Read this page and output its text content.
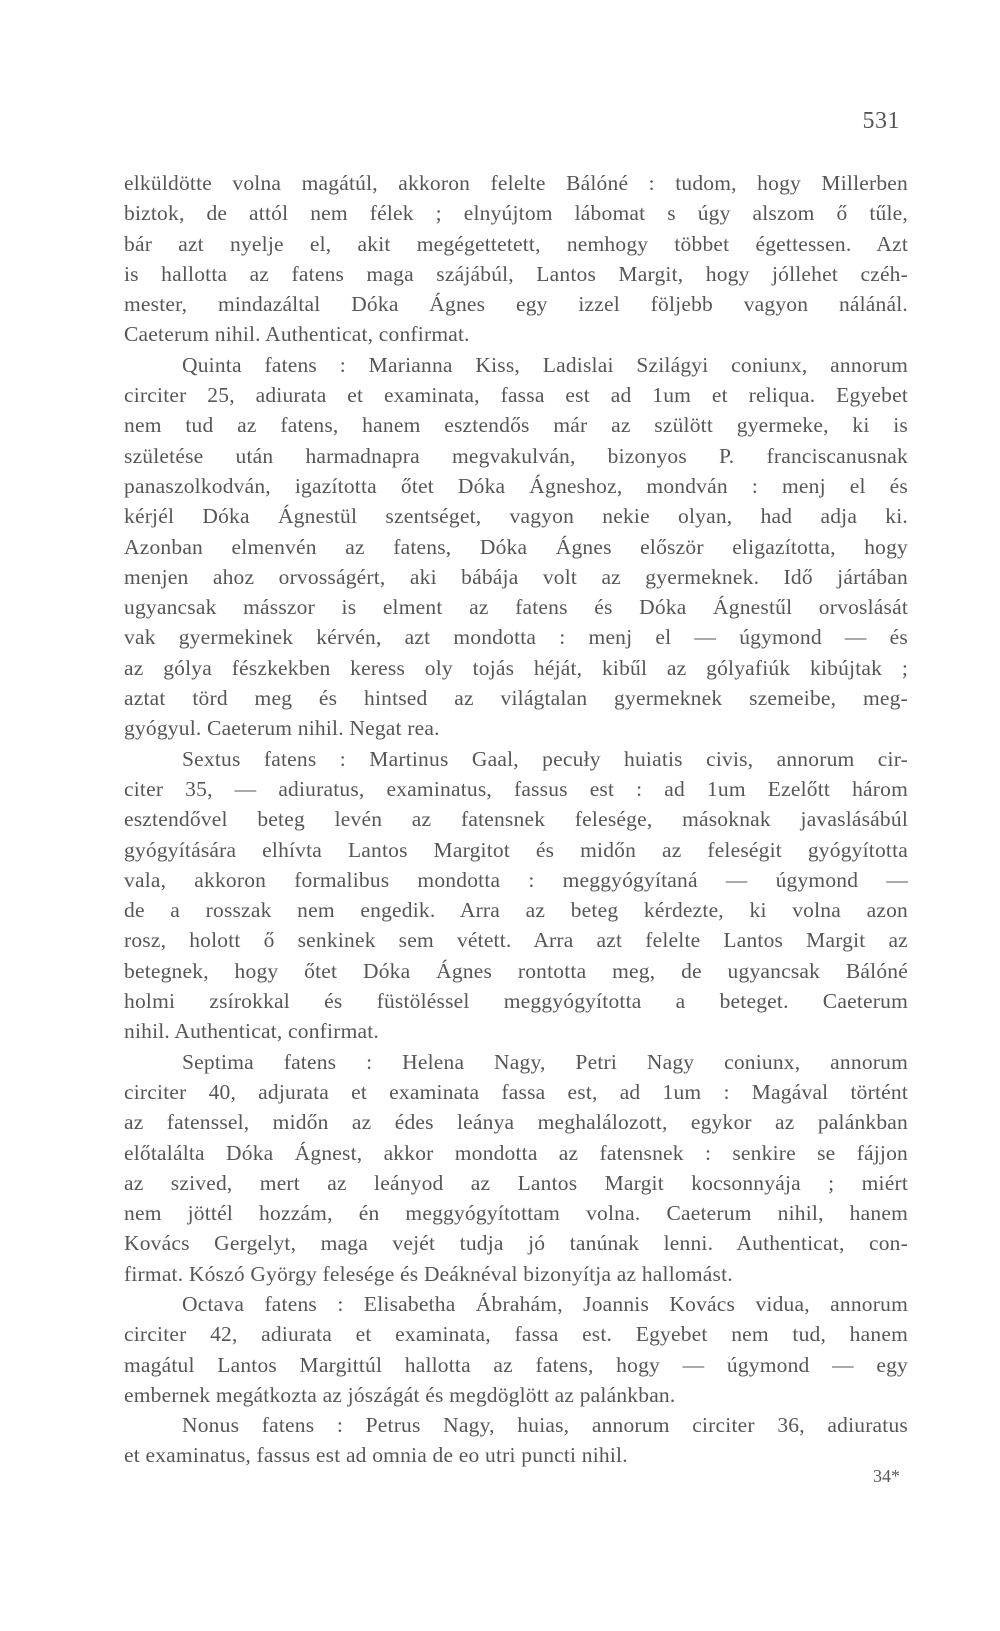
531
elküldötte volna magátúl, akkoron felelte Bálóné : tudom, hogy Millerben
biztok, de attól nem félek ; elnyújtom lábomat s úgy alszom ő tűle,
bár azt nyelje el, akit megégettetett, nemhogy többet égettessen. Azt
is hallotta az fatens maga szájábúl, Lantos Margit, hogy jóllehet czéh-
mester, mindazáltal Dóka Ágnes egy izzel följebb vagyon nálánál.
Caeterum nihil. Authenticat, confirmat.
Quinta fatens : Marianna Kiss, Ladislai Szilágyi coniunx, annorum
circiter 25, adiurata et examinata, fassa est ad 1um et reliqua. Egyebet
nem tud az fatens, hanem esztendős már az szülött gyermeke, ki is
születése után harmadnapra megvakulván, bizonyos P. franciscanusnak
panaszolkodván, igazította őtet Dóka Ágneshoz, mondván : menj el és
kérjél Dóka Ágnestül szentséget, vagyon nekie olyan, had adja ki.
Azonban elmenvén az fatens, Dóka Ágnes először eligazította, hogy
menjen ahoz orvosságért, aki bábája volt az gyermeknek. Idő jártában
ugyancsak másszor is elment az fatens és Dóka Ágnestűl orvoslását
vak gyermekinek kérvén, azt mondotta : menj el — úgymond — és
az gólya fészkekben keress oly tojás héját, kibűl az gólyafiúk kibújtak ;
aztat törd meg és hintsed az világtalan gyermeknek szemeibe, meg-
gyógyul. Caeterum nihil. Negat rea.
Sextus fatens : Martinus Gaal, pecuły huiatis civis, annorum cir-
citer 35, — adiuratus, examinatus, fassus est : ad 1um Ezelőtt három
esztendővel beteg levén az fatensnek felesége, másoknak javaslásábúl
gyógyítására elhívta Lantos Margitot és midőn az feleségit gyógyította
vala, akkoron formalibus mondotta : meggyógyítaná — úgymond —
de a rosszak nem engedik. Arra az beteg kérdezte, ki volna azon
rosz, holott ő senkinek sem vétett. Arra azt felelte Lantos Margit az
betegnek, hogy őtet Dóka Ágnes rontotta meg, de ugyancsak Bálóné
holmi zsírokkal és füstöléssel meggyógyította a beteget. Caeterum
nihil. Authenticat, confirmat.
Septima fatens : Helena Nagy, Petri Nagy coniunx, annorum
circiter 40, adjurata et examinata fassa est, ad 1um : Magával történt
az fatenssel, midőn az édes leánya meghalálozott, egykor az palánkban
előtalálta Dóka Ágnest, akkor mondotta az fatensnek : senkire se fájjon
az szived, mert az leányod az Lantos Margit kocsonnyája ; miért
nem jöttél hozzám, én meggyógyítottam volna. Caeterum nihil, hanem
Kovács Gergelyt, maga vejét tudja jó tanúnak lenni. Authenticat, con-
firmat. Kószó György felesége és Deáknéval bizonyítja az hallomást.
Octava fatens : Elisabetha Ábrahám, Joannis Kovács vidua, annorum
circiter 42, adiurata et examinata, fassa est. Egyebet nem tud, hanem
magátul Lantos Margittúl hallotta az fatens, hogy — úgymond — egy
embernek megátkozta az jószágát és megdöglött az palánkban.
Nonus fatens : Petrus Nagy, huias, annorum circiter 36, adiuratus
et examinatus, fassus est ad omnia de eo utri puncti nihil.
34*
